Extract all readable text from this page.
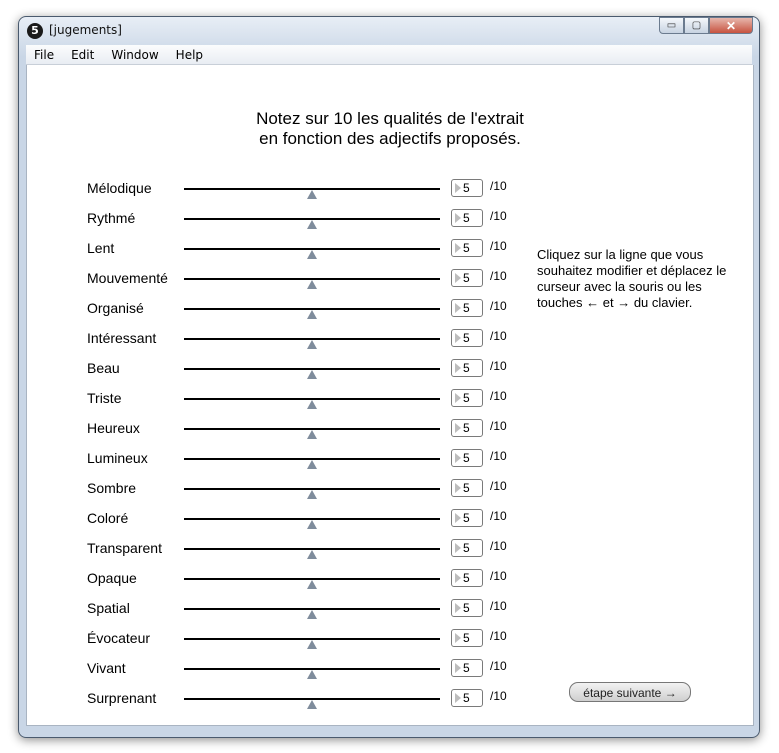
5 [jugements]	▭ ▢ ✕
File	Edit	Window	Help
Notez sur 10 les qualités de l'extrait
en fonction des adjectifs proposés.
Mélodique	5 /10
Rythmé	5 /10
Lent	5 /10
Mouvementé	5 /10
Organisé	5 /10
Intéressant	5 /10
Beau	5 /10
Triste	5 /10
Heureux	5 /10
Lumineux	5 /10
Sombre	5 /10
Coloré	5 /10
Transparent	5 /10
Opaque	5 /10
Spatial	5 /10
Évocateur	5 /10
Vivant	5 /10
Surprenant	5 /10
Cliquez sur la ligne que vous souhaitez modifier et déplacez le curseur avec la souris ou les touches ← et → du clavier.
étape suivante →
